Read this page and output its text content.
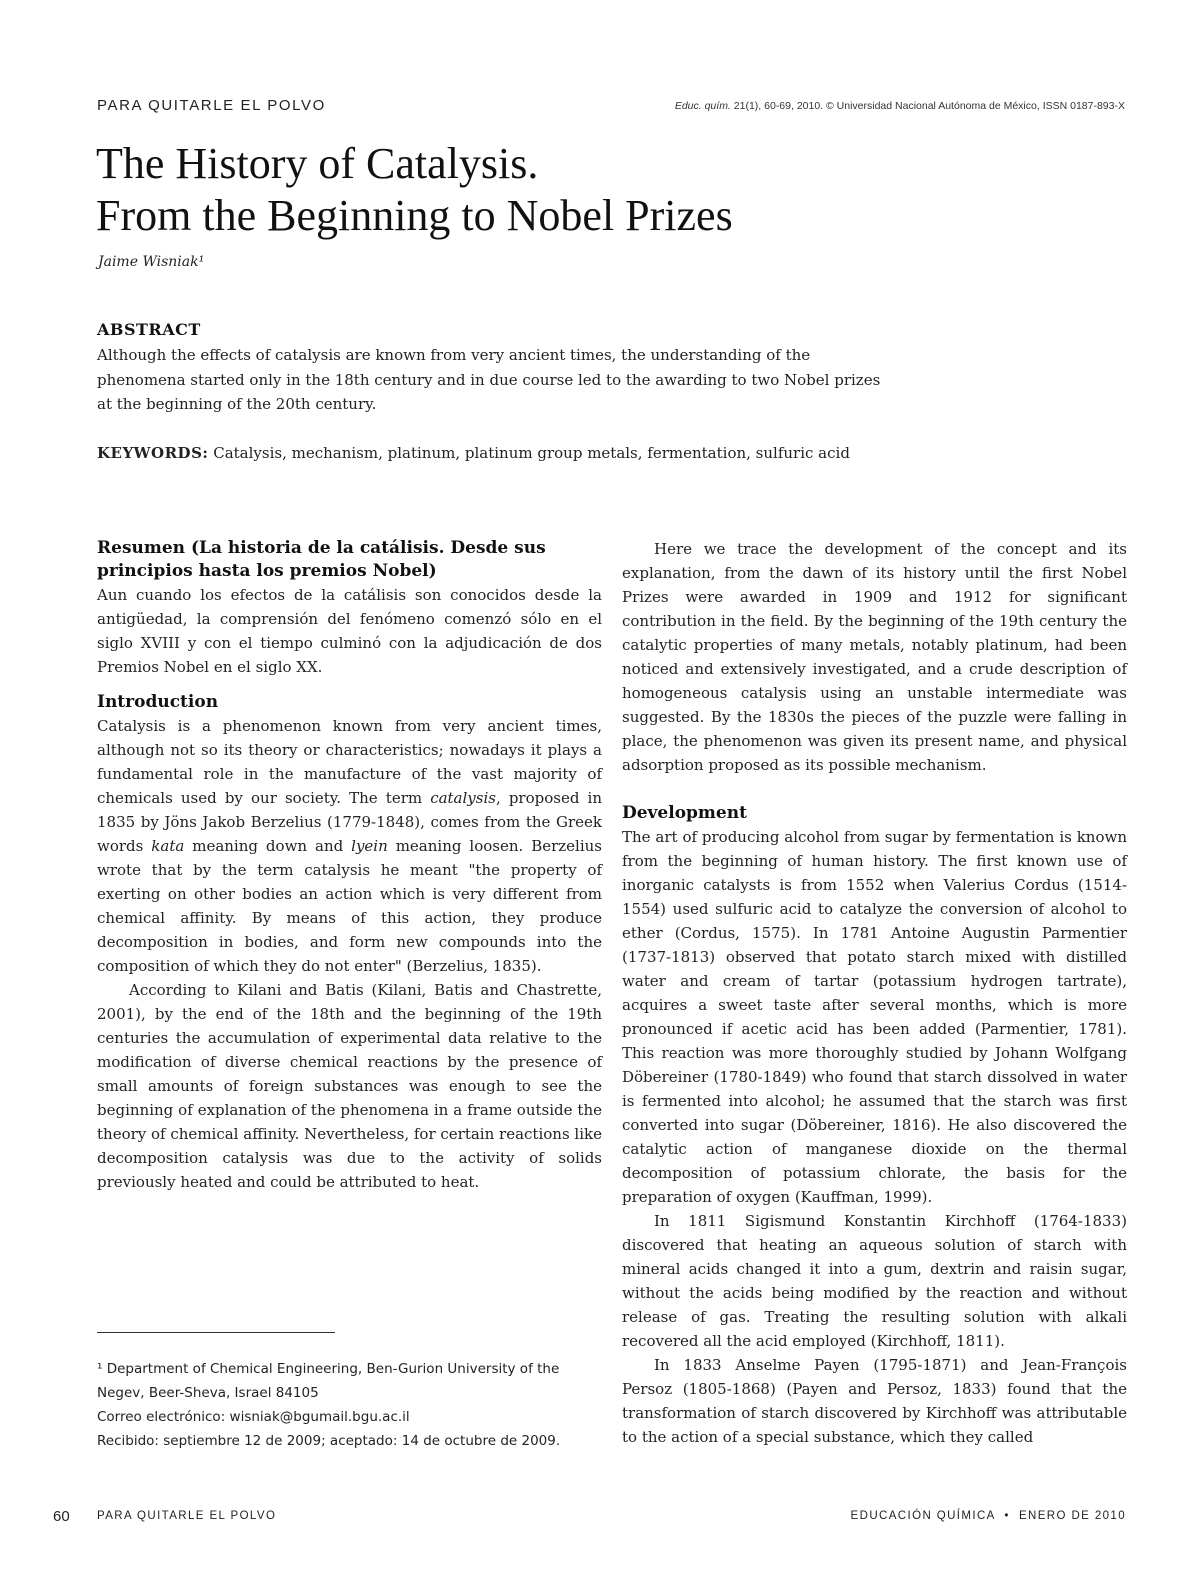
PARA QUITARLE EL POLVO	Educ. quím. 21(1), 60-69, 2010. © Universidad Nacional Autónoma de México, ISSN 0187-893-X
The History of Catalysis.
From the Beginning to Nobel Prizes
Jaime Wisniak¹
ABSTRACT

Although the effects of catalysis are known from very ancient times, the understanding of the phenomena started only in the 18th century and in due course led to the awarding to two Nobel prizes at the beginning of the 20th century.

KEYWORDS: Catalysis, mechanism, platinum, platinum group metals, fermentation, sulfuric acid

Resumen (La historia de la catálisis. Desde sus principios hasta los premios Nobel)

Aun cuando los efectos de la catálisis son conocidos desde la antigüedad, la comprensión del fenómeno comenzó sólo en el siglo XVIII y con el tiempo culminó con la adjudicación de dos Premios Nobel en el siglo XX.

Introduction

Catalysis is a phenomenon known from very ancient times, although not so its theory or characteristics; nowadays it plays a fundamental role in the manufacture of the vast majority of chemicals used by our society. The term catalysis, proposed in 1835 by Jöns Jakob Berzelius (1779-1848), comes from the Greek words kata meaning down and lyein meaning loosen. Berzelius wrote that by the term catalysis he meant "the property of exerting on other bodies an action which is very different from chemical affinity. By means of this action, they produce decomposition in bodies, and form new compounds into the composition of which they do not enter" (Berzelius, 1835).

According to Kilani and Batis (Kilani, Batis and Chastrette, 2001), by the end of the 18th and the beginning of the 19th centuries the accumulation of experimental data relative to the modification of diverse chemical reactions by the presence of small amounts of foreign substances was enough to see the beginning of explanation of the phenomena in a frame outside the theory of chemical affinity. Nevertheless, for certain reactions like decomposition catalysis was due to the activity of solids previously heated and could be attributed to heat.

Here we trace the development of the concept and its explanation, from the dawn of its history until the first Nobel Prizes were awarded in 1909 and 1912 for significant contribution in the field. By the beginning of the 19th century the catalytic properties of many metals, notably platinum, had been noticed and extensively investigated, and a crude description of homogeneous catalysis using an unstable intermediate was suggested. By the 1830s the pieces of the puzzle were falling in place, the phenomenon was given its present name, and physical adsorption proposed as its possible mechanism.

Development

The art of producing alcohol from sugar by fermentation is known from the beginning of human history. The first known use of inorganic catalysts is from 1552 when Valerius Cordus (1514-1554) used sulfuric acid to catalyze the conversion of alcohol to ether (Cordus, 1575). In 1781 Antoine Augustin Parmentier (1737-1813) observed that potato starch mixed with distilled water and cream of tartar (potassium hydrogen tartrate), acquires a sweet taste after several months, which is more pronounced if acetic acid has been added (Parmentier, 1781). This reaction was more thoroughly studied by Johann Wolfgang Döbereiner (1780-1849) who found that starch dissolved in water is fermented into alcohol; he assumed that the starch was first converted into sugar (Döbereiner, 1816). He also discovered the catalytic action of manganese dioxide on the thermal decomposition of potassium chlorate, the basis for the preparation of oxygen (Kauffman, 1999).

In 1811 Sigismund Konstantin Kirchhoff (1764-1833) discovered that heating an aqueous solution of starch with mineral acids changed it into a gum, dextrin and raisin sugar, without the acids being modified by the reaction and without release of gas. Treating the resulting solution with alkali recovered all the acid employed (Kirchhoff, 1811).

In 1833 Anselme Payen (1795-1871) and Jean-François Persoz (1805-1868) (Payen and Persoz, 1833) found that the transformation of starch discovered by Kirchhoff was attributable to the action of a special substance, which they called

¹ Department of Chemical Engineering, Ben-Gurion University of the Negev, Beer-Sheva, Israel 84105

Correo electrónico: wisniak@bgumail.bgu.ac.il

Recibido: septiembre 12 de 2009; aceptado: 14 de octubre de 2009.

60 PARA QUITARLE EL POLVO	EDUCACIÓN QUÍMICA • ENERO DE 2010
